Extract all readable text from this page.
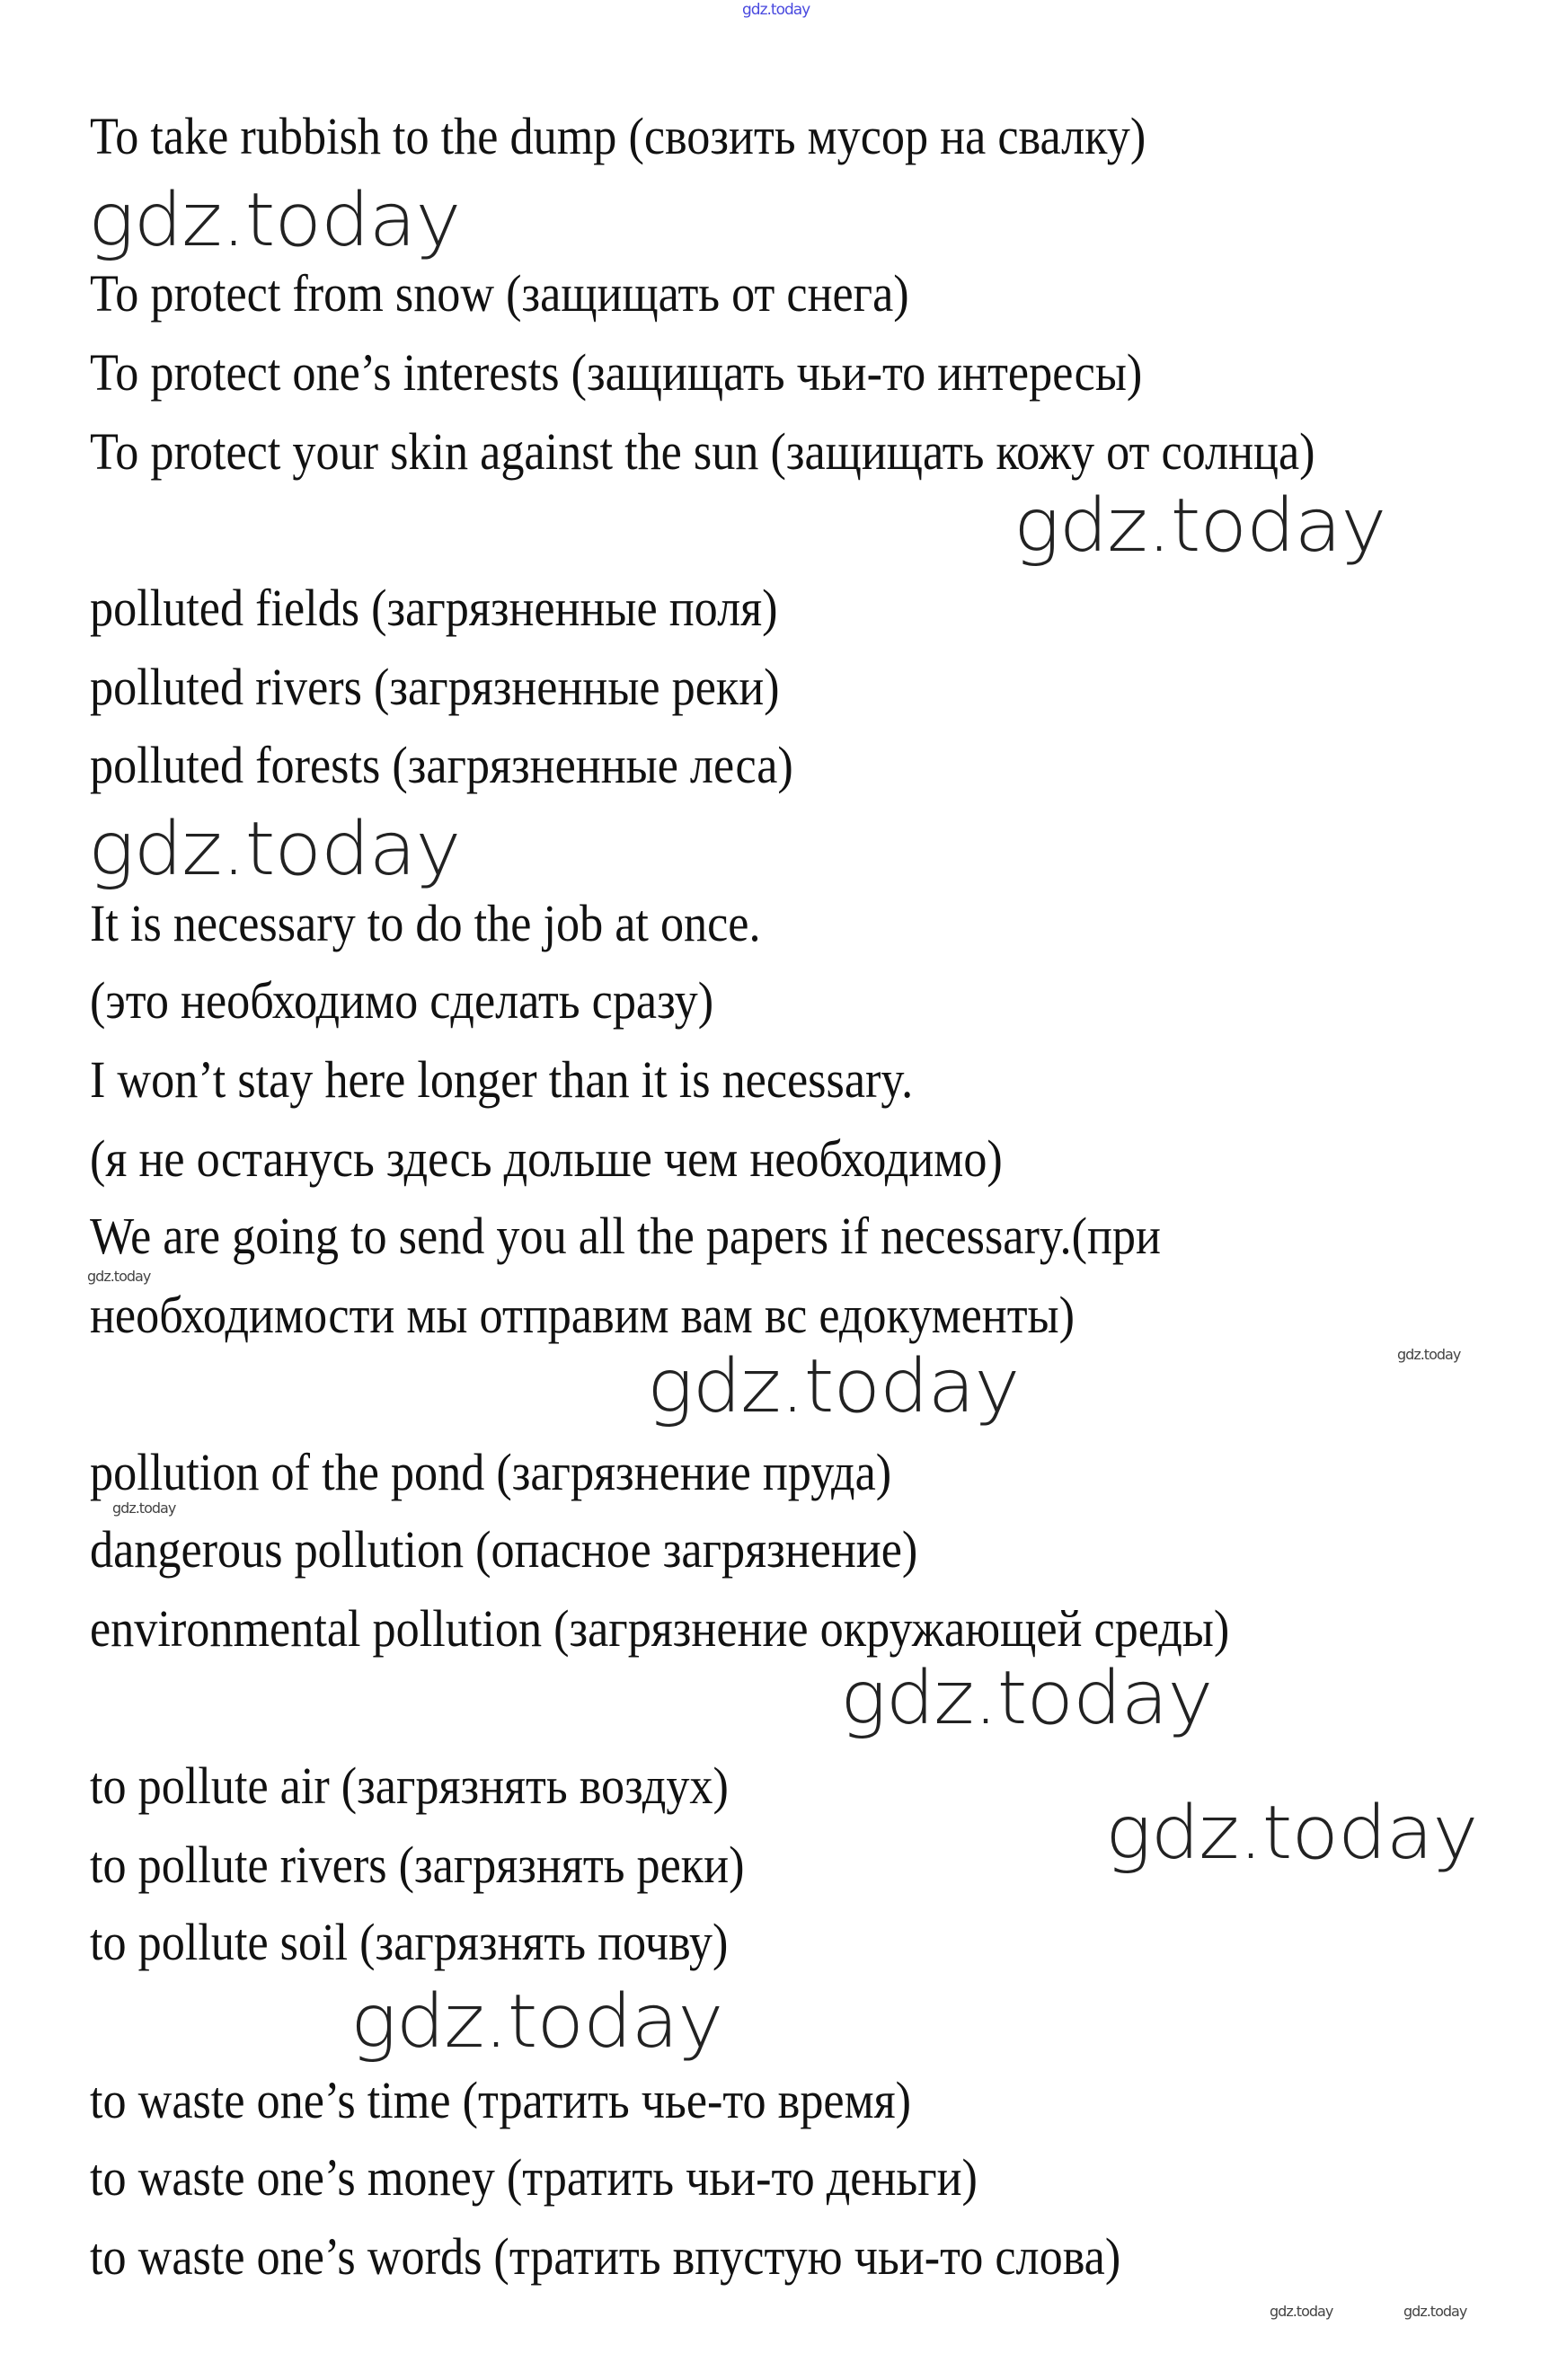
To take rubbish to the dump (свозить мусор на свалку)
To protect from snow (защищать от снега)
To protect one’s interests (защищать чьи-то интересы)
To protect your skin against the sun (защищать кожу от солнца)
polluted fields (загрязненные поля)
polluted rivers (загрязненные реки)
polluted forests (загрязненные леса)
It is necessary to do the job at once.
(это необходимо сделать сразу)
I won’t stay here longer than it is necessary.
(я не останусь здесь дольше чем необходимо)
We are going to send you all the papers if necessary.(при
необходимости мы отправим вам вс едокументы)
pollution of the pond (загрязнение пруда)
dangerous pollution (опасное загрязнение)
environmental pollution (загрязнение окружающей среды)
to pollute air (загрязнять воздух)
to pollute rivers (загрязнять реки)
to pollute soil (загрязнять почву)
to waste one’s time (тратить чье-то время)
to waste one’s money (тратить чьи-то деньги)
to waste one’s words (тратить впустую чьи-то слова)
gdz.today
gdz.today
gdz.today
gdz.today
gdz.today
gdz.today
gdz.today
gdz.today
gdz.today
gdz.today
gdz.today
gdz.today	gdz.today
